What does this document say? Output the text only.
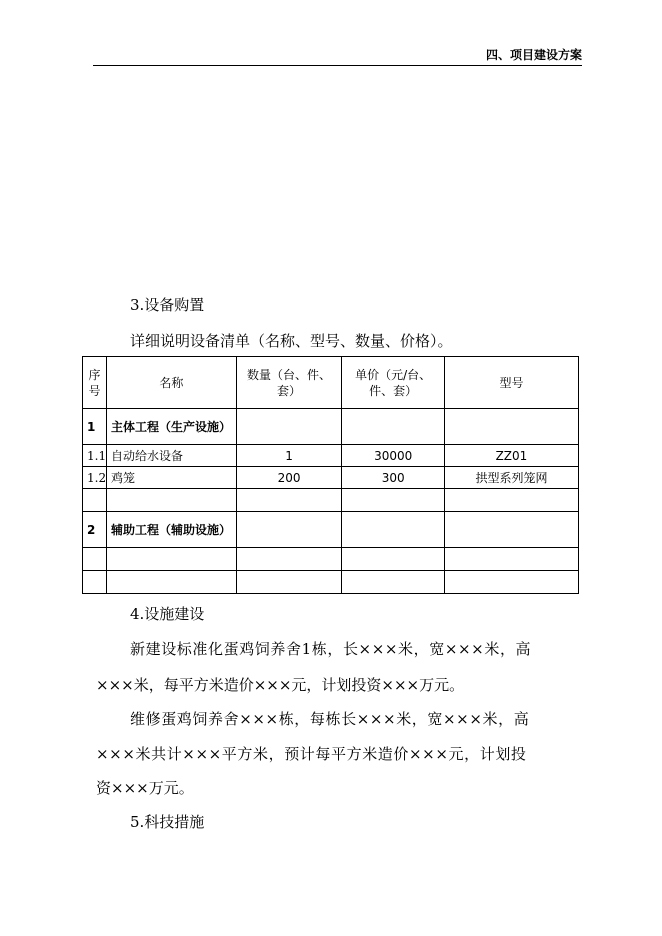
四、项目建设方案
3.设备购置
详细说明设备清单（名称、型号、数量、价格）。
序号	名称	数量（台、件、套）	单价（元/台、件、套）	型号
1	主体工程（生产设施）			
1.1	自动给水设备	1	30000	ZZ01
1.2	鸡笼	200	300	拱型系列笼网

2	辅助工程（辅助设施）			

4.设施建设
新建设标准化蛋鸡饲养舍1栋，长×××米，宽×××米，高
×××米，每平方米造价×××元，计划投资×××万元。
维修蛋鸡饲养舍×××栋，每栋长×××米，宽×××米，高
×××米共计×××平方米，预计每平方米造价×××元，计划投
资×××万元。
5.科技措施
